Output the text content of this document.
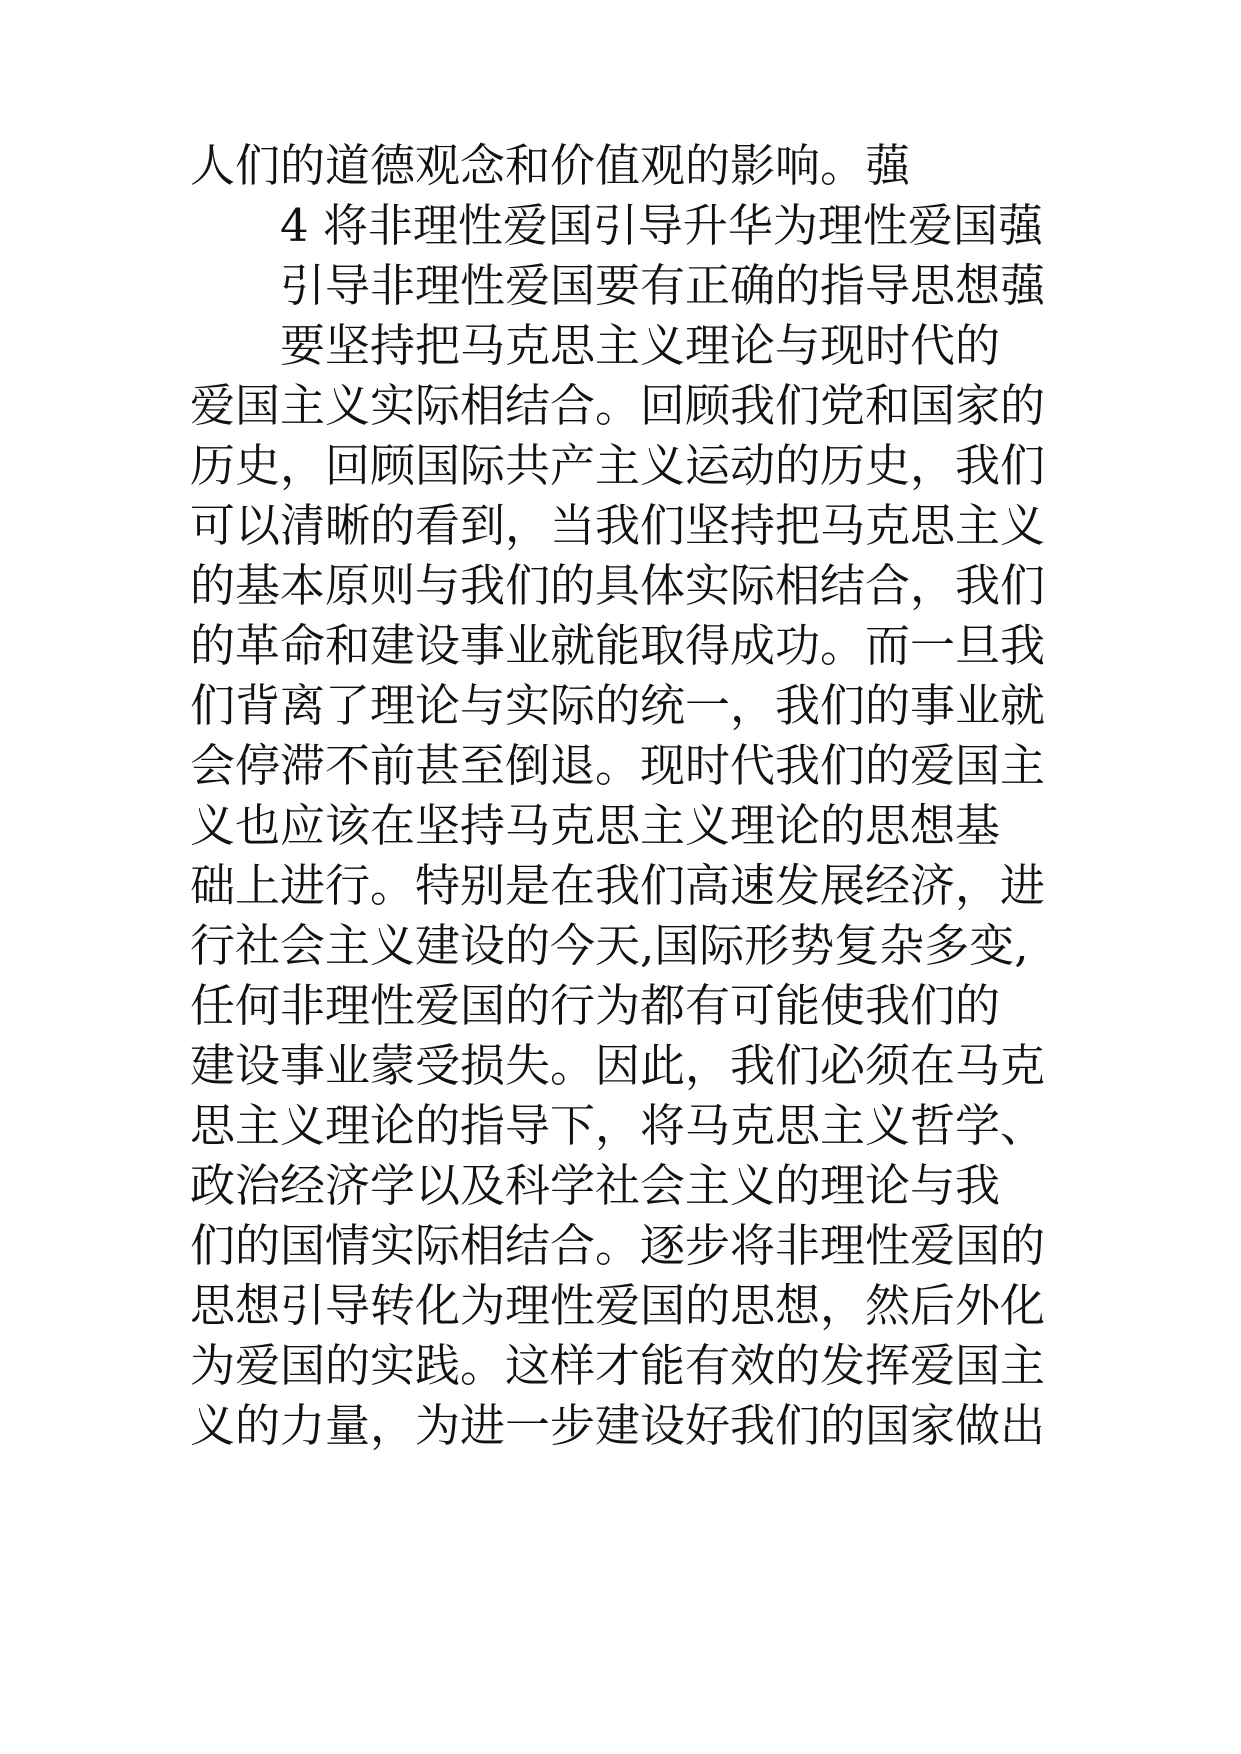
人们的道德观念和价值观的影响。蔃
4 将非理性爱国引导升华为理性爱国蔃
引导非理性爱国要有正确的指导思想蔃
要坚持把马克思主义理论与现时代的
爱国主义实际相结合。回顾我们党和国家的
历史，回顾国际共产主义运动的历史，我们
可以清晰的看到，当我们坚持把马克思主义
的基本原则与我们的具体实际相结合，我们
的革命和建设事业就能取得成功。而一旦我
们背离了理论与实际的统一，我们的事业就
会停滞不前甚至倒退。现时代我们的爱国主
义也应该在坚持马克思主义理论的思想基
础上进行。特别是在我们高速发展经济，进
行社会主义建设的今天,国际形势复杂多变,
任何非理性爱国的行为都有可能使我们的
建设事业蒙受损失。因此，我们必须在马克
思主义理论的指导下，将马克思主义哲学、
政治经济学以及科学社会主义的理论与我
们的国情实际相结合。逐步将非理性爱国的
思想引导转化为理性爱国的思想，然后外化
为爱国的实践。这样才能有效的发挥爱国主
义的力量，为进一步建设好我们的国家做出
